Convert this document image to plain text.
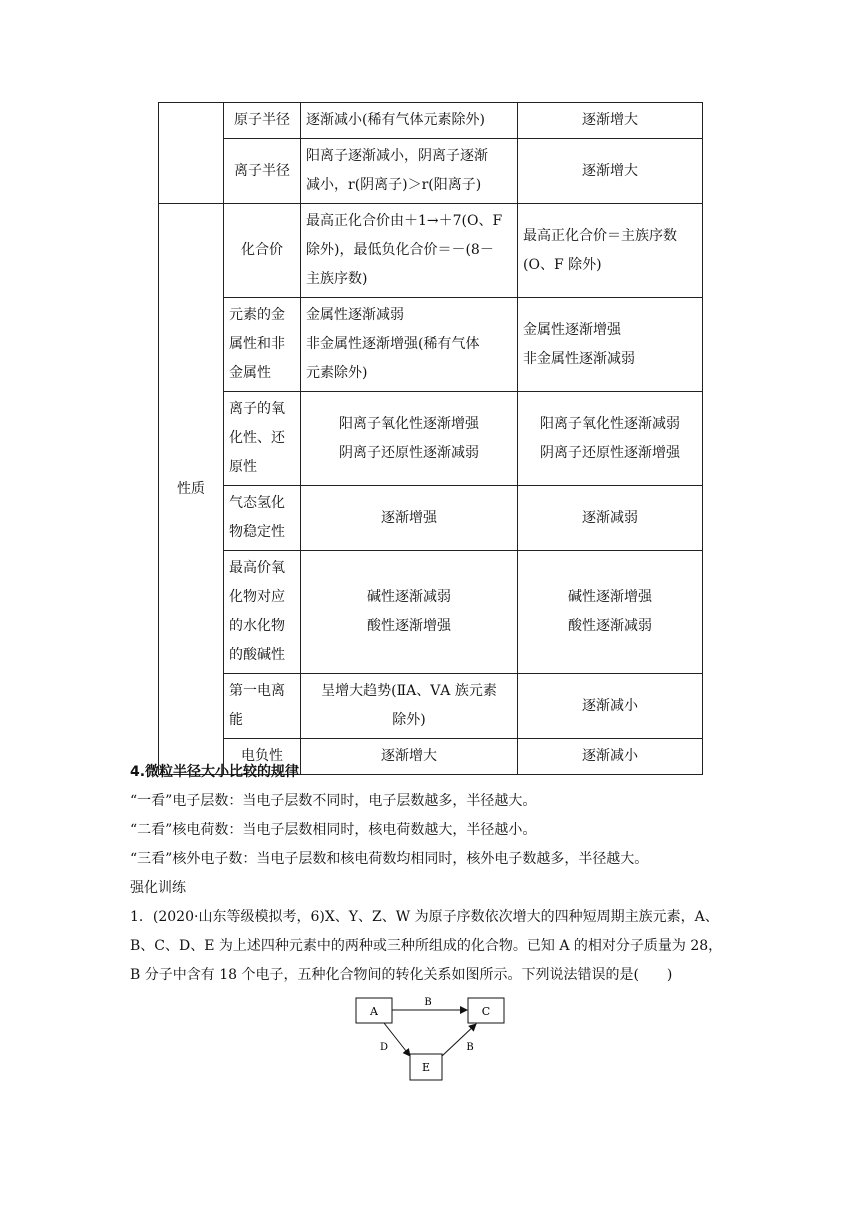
	原子半径	逐渐减小(稀有气体元素除外)	逐渐增大

	离子半径	阳离子逐渐减小，阴离子逐渐
减小，r(阴离子)＞r(阳离子)	逐渐增大

性质	化合价	最高正化合价由＋1→＋7(O、F
除外)，最低负化合价＝－(8－
主族序数)	最高正化合价＝主族序数
(O、F 除外)

	元素的金属性和非金属性	金属性逐渐减弱
非金属性逐渐增强(稀有气体
元素除外)	金属性逐渐增强
非金属性逐渐减弱

	离子的氧化性、还原性	阳离子氧化性逐渐增强
阴离子还原性逐渐减弱	阳离子氧化性逐渐减弱
阴离子还原性逐渐增强

	气态氢化物稳定性	逐渐增强	逐渐减弱

	最高价氧化物对应的水化物的酸碱性	碱性逐渐减弱
酸性逐渐增强	碱性逐渐增强
酸性逐渐减弱

	第一电离能	呈增大趋势(ⅡA、ⅤA 族元素
除外)	逐渐减小

	电负性	逐渐增大	逐渐减小
4.微粒半径大小比较的规律
“一看”电子层数：当电子层数不同时，电子层数越多，半径越大。
“二看”核电荷数：当电子层数相同时，核电荷数越大，半径越小。
“三看”核外电子数：当电子层数和核电荷数均相同时，核外电子数越多，半径越大。
强化训练
1．(2020·山东等级模拟考，6)X、Y、Z、W 为原子序数依次增大的四种短周期主族元素，A、
B、C、D、E 为上述四种元素中的两种或三种所组成的化合物。已知 A 的相对分子质量为 28，
B 分子中含有 18 个电子，五种化合物间的转化关系如图所示。下列说法错误的是(　　)
A	C
E
B
D	B
